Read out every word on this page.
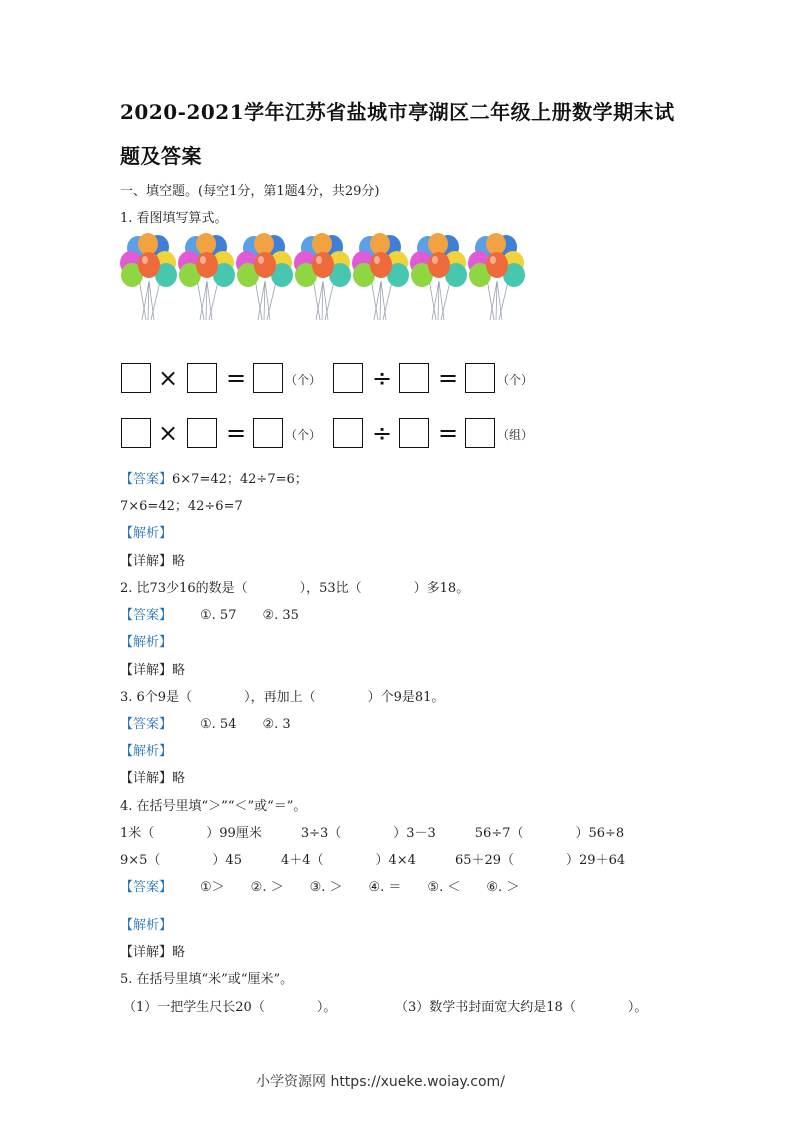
2020-2021学年江苏省盐城市亭湖区二年级上册数学期末试
题及答案
一、填空题。(每空1分，第1题4分，共29分)
1. 看图填写算式。
× =	（个） ÷ =	（个）
× =	（个） ÷ =	（组）
【答案】6×7=42；42÷7=6；
7×6=42；42÷6=7
【解析】
【详解】略
2. 比73少16的数是（　　　　），53比（　　　　）多18。
【答案】 ①. 57　　②. 35
【解析】
【详解】略
3. 6个9是（　　　　），再加上（　　　　）个9是81。
【答案】 ①. 54　　②. 3
【解析】
【详解】略
4. 在括号里填“＞”“＜”或“＝”。
1米（　　　　）99厘米　　　3÷3（　　　　）3－3　　　56÷7（　　　　）56÷8
9×5（　　　　）45　　　4＋4（　　　　）4×4　　　65＋29（　　　　）29＋64
【答案】 ①＞　　②. ＞　　③. ＞　　④. ＝　　⑤. ＜　　⑥. ＞
【解析】
【详解】略
5. 在括号里填“米”或“厘米”。
（1）一把学生尺长20（　　　　）。	（3）数学书封面宽大约是18（　　　　）。
小学资源网 https://xueke.woiay.com/
